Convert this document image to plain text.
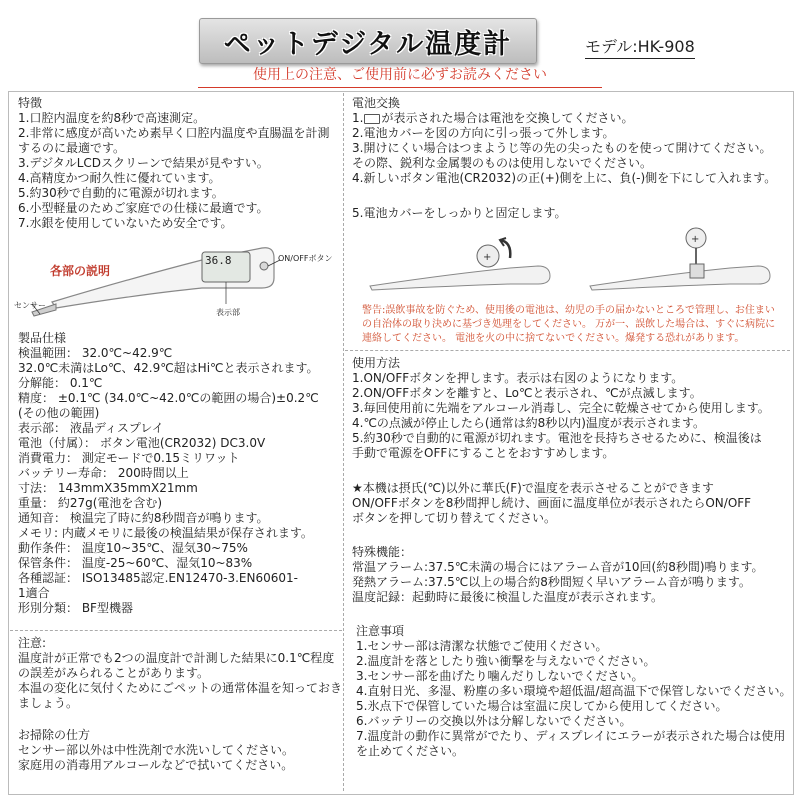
ペットデジタル温度計	モデル:HK-908
使用上の注意、ご使用前に必ずお読みください
特徴
1.口腔内温度を約8秒で高速測定。
2.非常に感度が高いため素早く口腔内温度や直腸温を計測
するのに最適です。
3.デジタルLCDスクリーンで結果が見やすい。
4.高精度かつ耐久性に優れています。
5.約30秒で自動的に電源が切れます。
6.小型軽量のためご家庭での仕様に最適です。
7.水銀を使用していないため安全です。
各部の説明
36.8	ON/OFFボタン
センサー
表示部
製品仕様
検温範囲： 32.0℃~42.9℃
32.0℃未満はLo℃、42.9℃超はHi℃と表示されます。
分解能： 0.1℃
精度： ±0.1℃ (34.0℃~42.0℃の範囲の場合)±0.2℃
(その他の範囲)
表示部： 液晶ディスプレイ
電池（付属）： ボタン電池(CR2032) DC3.0V
消費電力： 測定モードで0.15ミリワット
バッテリー寿命： 200時間以上
寸法： 143mmX35mmX21mm
重量： 約27g(電池を含む)
通知音： 検温完了時に約8秒間音が鳴ります。
メモリ: 内蔵メモリに最後の検温結果が保存されます。
動作条件： 温度10~35℃、湿気30~75%
保管条件： 温度-25~60℃、湿気10~83%
各種認証： ISO13485認定.EN12470-3.EN60601-
1適合
形別分類： BF型機器
注意:
温度計が正常でも2つの温度計で計測した結果に0.1℃程度
の誤差がみられることがあります。
本温の変化に気付くためにごペットの通常体温を知っておき
ましょう。
お掃除の仕方
センサー部以外は中性洗剤で水洗いしてください。
家庭用の消毒用アルコールなどで拭いてください。
電池交換
1. が表示された場合は電池を交換してください。
2.電池カバーを図の方向に引っ張って外します。
3.開けにくい場合はつまようじ等の先の尖ったものを使って開けてください。
その際、鋭利な金属製のものは使用しないでください。
4.新しいボタン電池(CR2032)の正(+)側を上に、負(-)側を下にして入れます。
5.電池カバーをしっかりと固定します。
+
+
警告:誤飲事故を防ぐため、使用後の電池は、幼児の手の届かないところで管理し、お住まいの自治体の取り決めに基づき処理をしてください。 万が一、誤飲した場合は、すぐに病院に連絡してください。 電池を火の中に捨てないでください。爆発する恐れがあります。
使用方法
1.ON/OFFボタンを押します。表示は右図のようになります。
2.ON/OFFボタンを離すと、Lo℃と表示され、℃が点滅します。
3.毎回使用前に先端をアルコール消毒し、完全に乾燥させてから使用します。
4.℃の点滅が停止したら(通常は約8秒以内)温度が表示されます。
5.約30秒で自動的に電源が切れます。電池を長持ちさせるために、検温後は
手動で電源をOFFにすることをおすすめします。
★本機は摂氏(℃)以外に華氏(F)で温度を表示させることができます
ON/OFFボタンを8秒間押し続け、画面に温度単位が表示されたらON/OFF
ボタンを押して切り替えてください。
特殊機能：
常温アラーム:37.5℃未満の場合にはアラーム音が10回(約8秒間)鳴ります。
発熱アラーム:37.5℃以上の場合約8秒間短く早いアラーム音が鳴ります。
温度記録：起動時に最後に検温した温度が表示されます。
注意事項
1.センサー部は清潔な状態でご使用ください。
2.温度計を落としたり強い衝撃を与えないでください。
3.センサー部を曲げたり噛んだりしないでください。
4.直射日光、多湿、粉塵の多い環境や超低温/超高温下で保管しないでください。
5.氷点下で保管していた場合は室温に戻してから使用してください。
6.バッテリーの交換以外は分解しないでください。
7.温度計の動作に異常がでたり、ディスプレイにエラーが表示された場合は使用
を止めてください。
